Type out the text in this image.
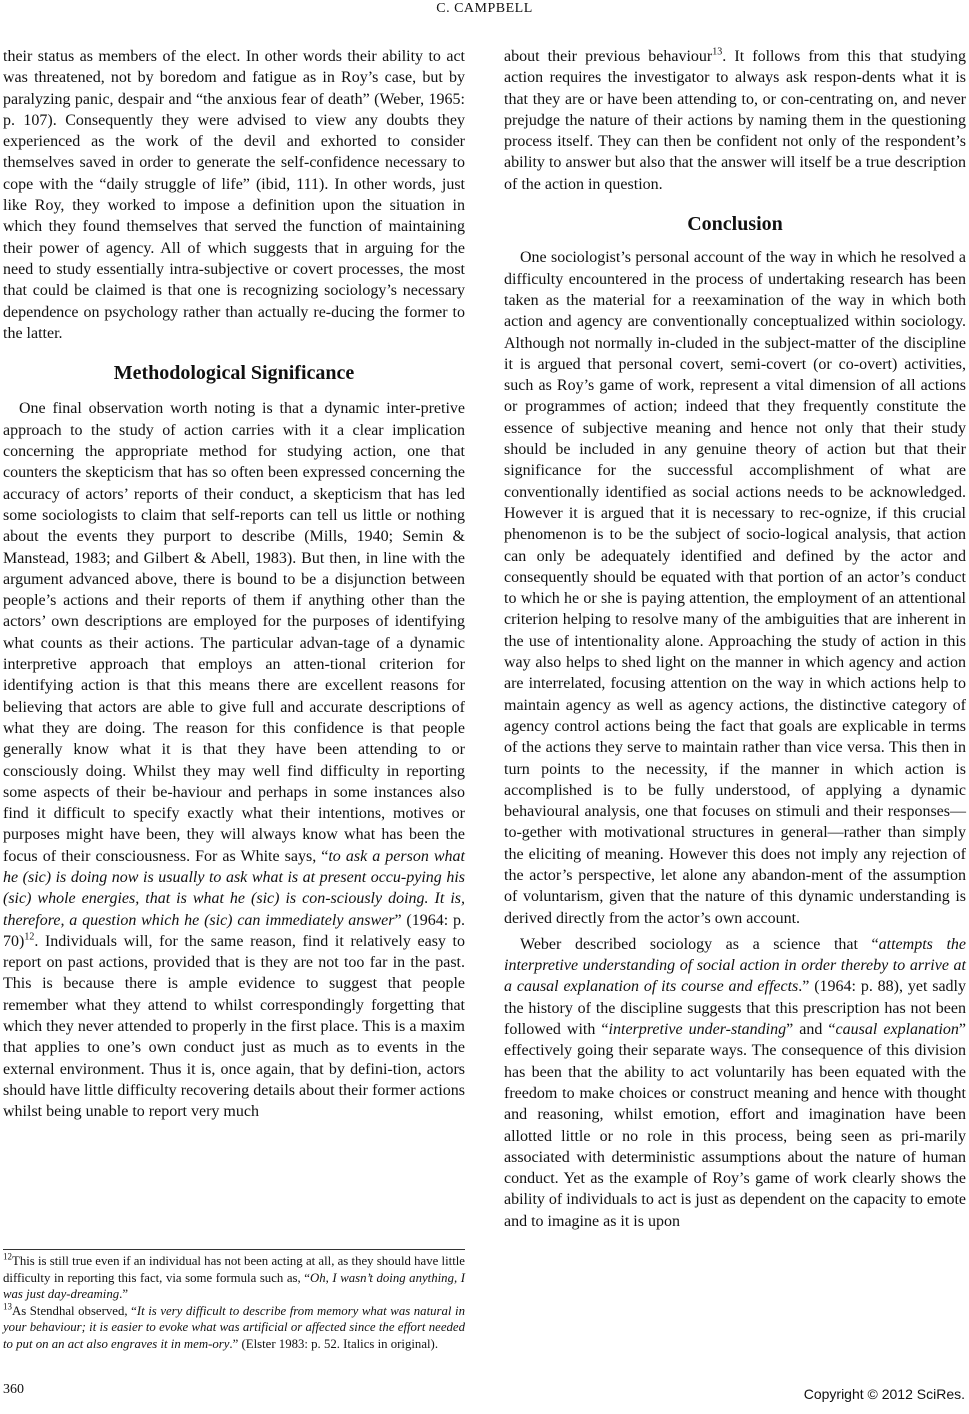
C. CAMPBELL

their status as members of the elect. In other words their ability to act was threatened, not by boredom and fatigue as in Roy’s case, but by paralyzing panic, despair and “the anxious fear of death” (Weber, 1965: p. 107). Consequently they were advised to view any doubts they experienced as the work of the devil and exhorted to consider themselves saved in order to generate the self-confidence necessary to cope with the “daily struggle of life” (ibid, 111). In other words, just like Roy, they worked to impose a definition upon the situation in which they found themselves that served the function of maintaining their power of agency. All of which suggests that in arguing for the need to study essentially intra-subjective or covert processes, the most that could be claimed is that one is recognizing sociology’s necessary dependence on psychology rather than actually re-ducing the former to the latter.

Methodological Significance

One final observation worth noting is that a dynamic inter-pretive approach to the study of action carries with it a clear implication concerning the appropriate method for studying action, one that counters the skepticism that has so often been expressed concerning the accuracy of actors’ reports of their conduct, a skepticism that has led some sociologists to claim that self-reports can tell us little or nothing about the events they purport to describe (Mills, 1940; Semin & Manstead, 1983; and Gilbert & Abell, 1983). But then, in line with the argument advanced above, there is bound to be a disjunction between people’s actions and their reports of them if anything other than the actors’ own descriptions are employed for the purposes of identifying what counts as their actions. The particular advan-tage of a dynamic interpretive approach that employs an atten-tional criterion for identifying action is that this means there are excellent reasons for believing that actors are able to give full and accurate descriptions of what they are doing. The reason for this confidence is that people generally know what it is that they have been attending to or consciously doing. Whilst they may well find difficulty in reporting some aspects of their be-haviour and perhaps in some instances also find it difficult to specify exactly what their intentions, motives or purposes might have been, they will always know what has been the focus of their consciousness. For as White says, “to ask a person what he (sic) is doing now is usually to ask what is at present occu-pying his (sic) whole energies, that is what he (sic) is con-sciously doing. It is, therefore, a question which he (sic) can immediately answer” (1964: p. 70)$^{12}$. Individuals will, for the same reason, find it relatively easy to report on past actions, provided that is they are not too far in the past. This is because there is ample evidence to suggest that people remember what they attend to whilst correspondingly forgetting that which they never attended to properly in the first place. This is a maxim that applies to one’s own conduct just as much as to events in the external environment. Thus it is, once again, that by defini-tion, actors should have little difficulty recovering details about their former actions whilst being unable to report very much

about their previous behaviour$^{13}$. It follows from this that studying action requires the investigator to always ask respon-dents what it is that they are or have been attending to, or con-centrating on, and never prejudge the nature of their actions by naming them in the questioning process itself. They can then be confident not only of the respondent’s ability to answer but also that the answer will itself be a true description of the action in question.

Conclusion

One sociologist’s personal account of the way in which he resolved a difficulty encountered in the process of undertaking research has been taken as the material for a reexamination of the way in which both action and agency are conventionally conceptualized within sociology. Although not normally in-cluded in the subject-matter of the discipline it is argued that personal covert, semi-covert (or co-overt) activities, such as Roy’s game of work, represent a vital dimension of all actions or programmes of action; indeed that they frequently constitute the essence of subjective meaning and hence not only that their study should be included in any genuine theory of action but that their significance for the successful accomplishment of what are conventionally identified as social actions needs to be acknowledged. However it is argued that it is necessary to rec-ognize, if this crucial phenomenon is to be the subject of socio-logical analysis, that action can only be adequately identified and defined by the actor and consequently should be equated with that portion of an actor’s conduct to which he or she is paying attention, the employment of an attentional criterion helping to resolve many of the ambiguities that are inherent in the use of intentionality alone. Approaching the study of action in this way also helps to shed light on the manner in which agency and action are interrelated, focusing attention on the way in which actions help to maintain agency as well as agency actions, the distinctive category of agency control actions being the fact that goals are explicable in terms of the actions they serve to maintain rather than vice versa. This then in turn points to the necessity, if the manner in which action is accomplished is to be fully understood, of applying a dynamic behavioural analysis, one that focuses on stimuli and their responses—to-gether with motivational structures in general—rather than simply the eliciting of meaning. However this does not imply any rejection of the actor’s perspective, let alone any abandon-ment of the assumption of voluntarism, given that the nature of this dynamic understanding is derived directly from the actor’s own account.

Weber described sociology as a science that “attempts the interpretive understanding of social action in order thereby to arrive at a causal explanation of its course and effects.” (1964: p. 88), yet sadly the history of the discipline suggests that this prescription has not been followed with “interpretive under-standing” and “causal explanation” effectively going their separate ways. The consequence of this division has been that the ability to act voluntarily has been equated with the freedom to make choices or construct meaning and hence with thought and reasoning, whilst emotion, effort and imagination have been allotted little or no role in this process, being seen as pri-marily associated with deterministic assumptions about the nature of human conduct. Yet as the example of Roy’s game of work clearly shows the ability of individuals to act is just as dependent on the capacity to emote and to imagine as it is upon

$^{12}$This is still true even if an individual has not been acting at all, as they should have little difficulty in reporting this fact, via some formula such as, “Oh, I wasn’t doing anything, I was just day-dreaming.”

$^{13}$As Stendhal observed, “It is very difficult to describe from memory what was natural in your behaviour; it is easier to evoke what was artificial or affected since the effort needed to put on an act also engraves it in mem-ory.” (Elster 1983: p. 52. Italics in original).

360	Copyright © 2012 SciRes.
